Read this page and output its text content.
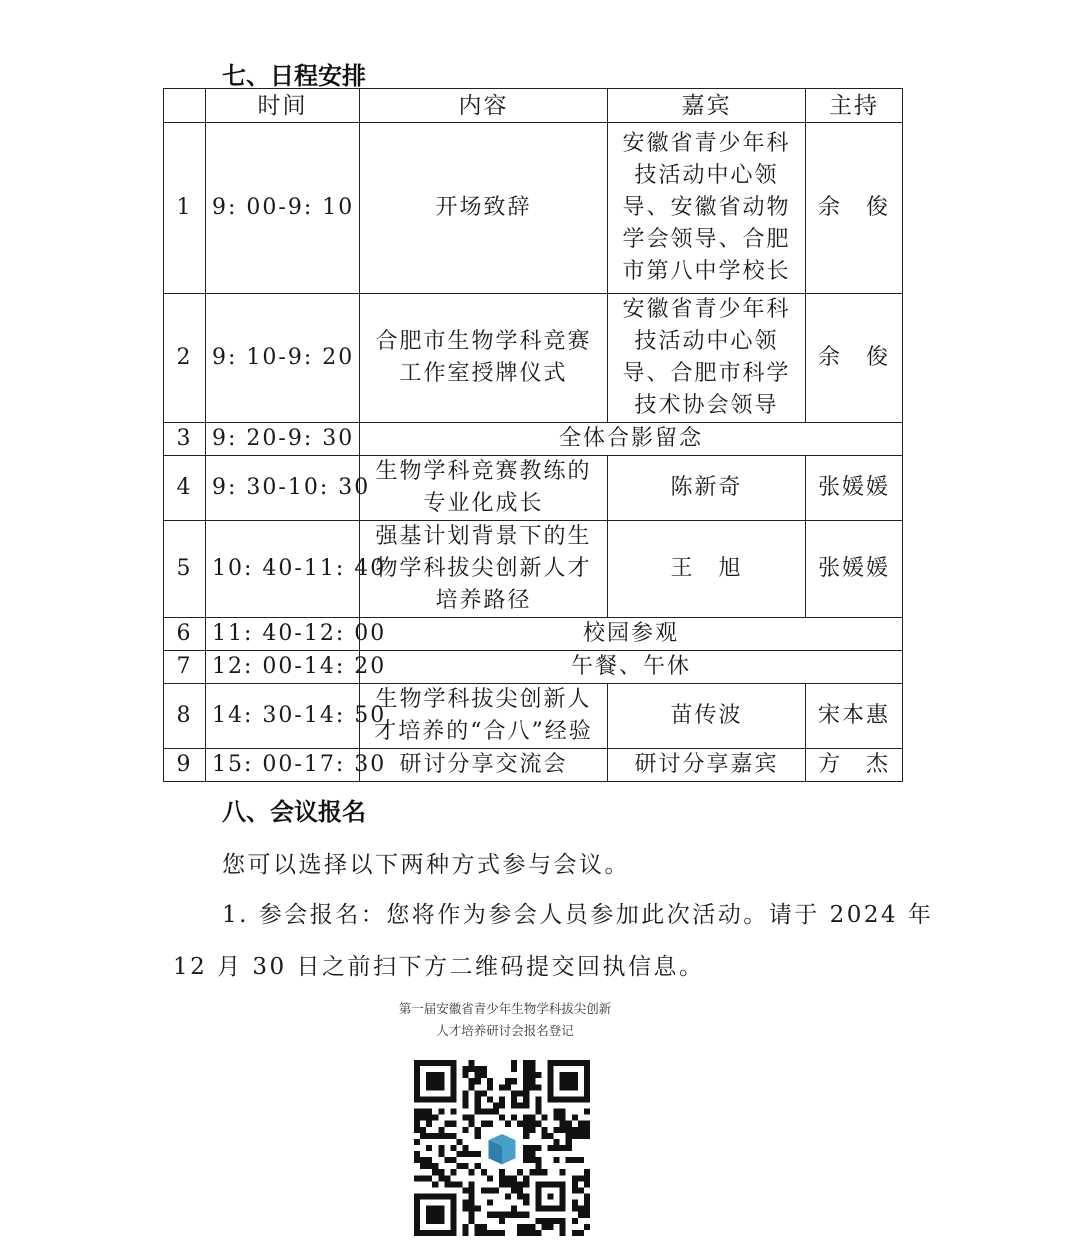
七、日程安排
	时间	内容	嘉宾	主持
1	9: 00-9: 10	开场致辞	安徽省青少年科技活动中心领导、安徽省动物学会领导、合肥市第八中学校长	余　俊
2	9: 10-9: 20	合肥市生物学科竞赛工作室授牌仪式	安徽省青少年科技活动中心领导、合肥市科学技术协会领导	余　俊
3	9: 20-9: 30	全体合影留念		
4	9: 30-10: 30	生物学科竞赛教练的专业化成长	陈新奇	张媛媛
5	10: 40-11: 40	强基计划背景下的生物学科拔尖创新人才培养路径	王　旭	张媛媛
6	11: 40-12: 00	校园参观		
7	12: 00-14: 20	午餐、午休		
8	14: 30-14: 50	生物学科拔尖创新人才培养的“合八”经验	苗传波	宋本惠
9	15: 00-17: 30	研讨分享交流会	研讨分享嘉宾	方　杰
八、会议报名
您可以选择以下两种方式参与会议。
1. 参会报名：您将作为参会人员参加此次活动。请于 2024 年
12 月 30 日之前扫下方二维码提交回执信息。
第一届安徽省青少年生物学科拔尖创新
人才培养研讨会报名登记
